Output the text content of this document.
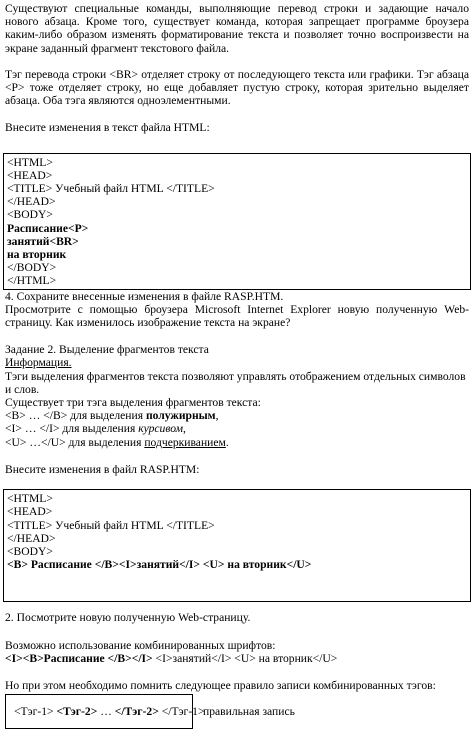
Существуют специальные команды, выполняющие перевод строки и задающие начало нового абзаца. Кроме того, существует команда, которая запрещает программе броузера каким-либо образом изменять форматирование текста и позволяет точно воспроизвести на экране заданный фрагмент текстового файла.

Тэг перевода строки <BR> отделяет строку от последующего текста или графики. Тэг абзаца <P> тоже отделяет строку, но еще добавляет пустую строку, которая зрительно выделяет абзаца. Оба тэга являются одноэлементными.

Внесите изменения в текст файла HTML:

<HTML>
<HEAD>
<TITLE> Учебный файл HTML </TITLE>
</HEAD>
<BODY>
Расписание<P>
занятий<BR>
на вторник
</BODY>
</HTML>

4. Сохраните внесенные изменения в файле RASP.HTM.

Просмотрите с помощью броузера Microsoft Internet Explorer новую полученную Web-страницу. Как изменилось изображение текста на экране?

Задание 2. Выделение фрагментов текста

Информация.

Тэги выделения фрагментов текста позволяют управлять отображением отдельных символов и слов.

Существует три тэга выделения фрагментов текста:

<B> … </B> для выделения полужирным,

<I> … </I> для выделения курсивом,

<U> …</U> для выделения подчеркиванием.

Внесите изменения в файл RASP.HTM:

<HTML>
<HEAD>
<TITLE> Учебный файл HTML </TITLE>
</HEAD>
<BODY>
<B> Расписание </B><I>занятий</I> <U> на вторник</U>

2. Посмотрите новую полученную Web-страницу.

Возможно использование комбинированных шрифтов:

<I><B>Расписание </B></I> <I>занятий</I> <U> на вторник</U>

Но при этом необходимо помнить следующее правило записи комбинированных тэгов:

<Тэг-1> <Тэг-2> … </Тэг-2> </Тэг-1>
правильная запись
